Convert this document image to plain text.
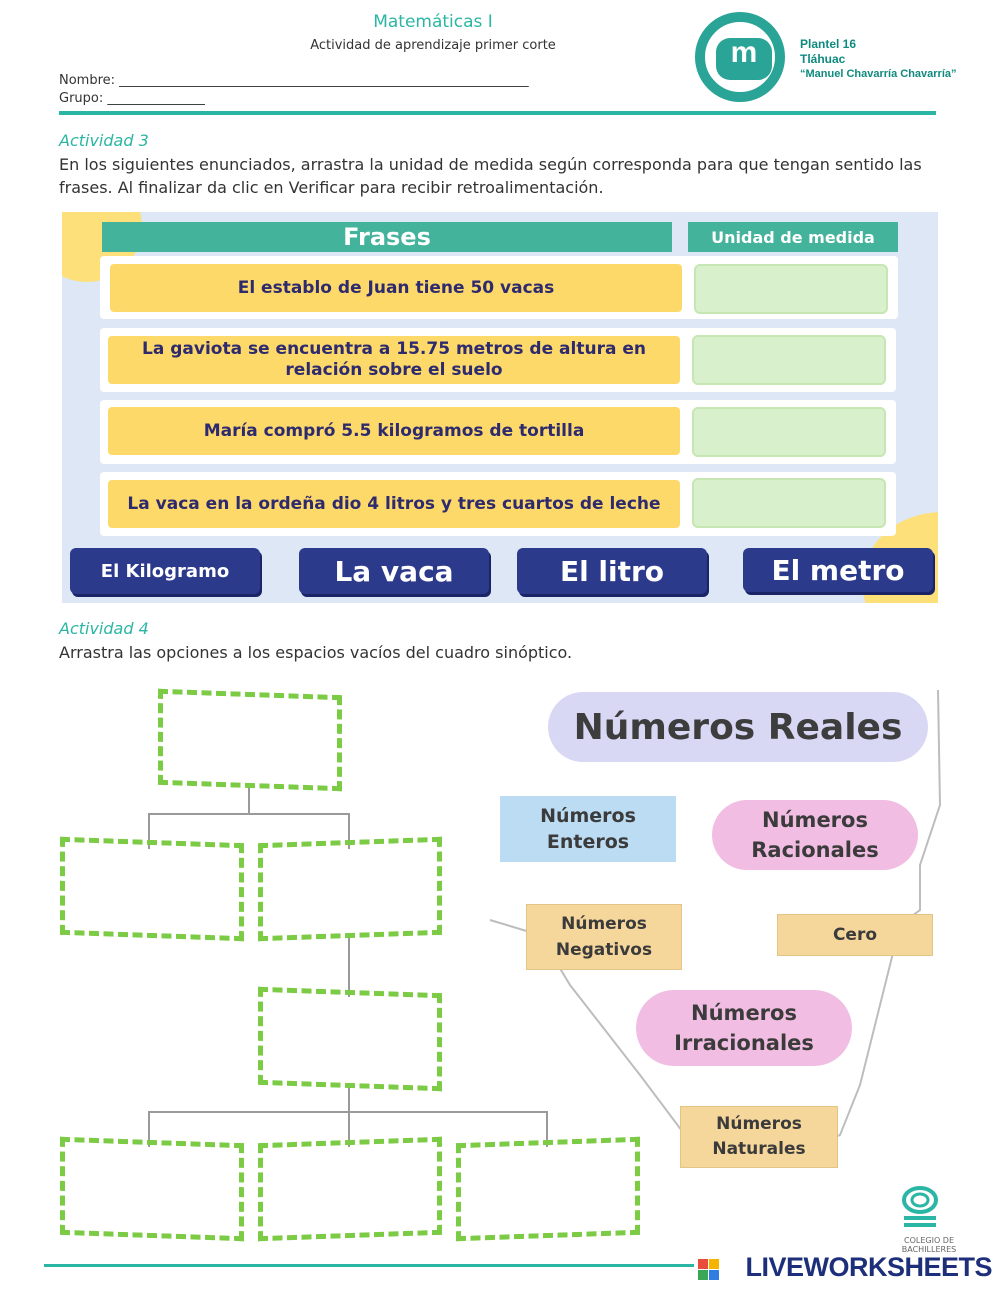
Matemáticas I
Actividad de aprendizaje primer corte
Nombre: _______________________________________________________________
Grupo: _______________
m	Plantel 16
Tláhuac
“Manuel Chavarría Chavarría”
Actividad 3
En los siguientes enunciados, arrastra la unidad de medida según corresponda para que tengan sentido las frases. Al finalizar da clic en Verificar para recibir retroalimentación.
Frases	Unidad de medida
El establo de Juan tiene 50 vacas
La gaviota se encuentra a 15.75 metros de altura en relación sobre el suelo
María compró 5.5 kilogramos de tortilla
La vaca en la ordeña dio 4 litros y tres cuartos de leche
El Kilogramo	La vaca	El litro	El metro
Actividad 4
Arrastra las opciones a los espacios vacíos del cuadro sinóptico.
Números Reales
Números Enteros
Números Racionales
Números Negativos
Cero
Números Irracionales
Números Naturales
COLEGIO DE BACHILLERES
LIVEWORKSHEETS
